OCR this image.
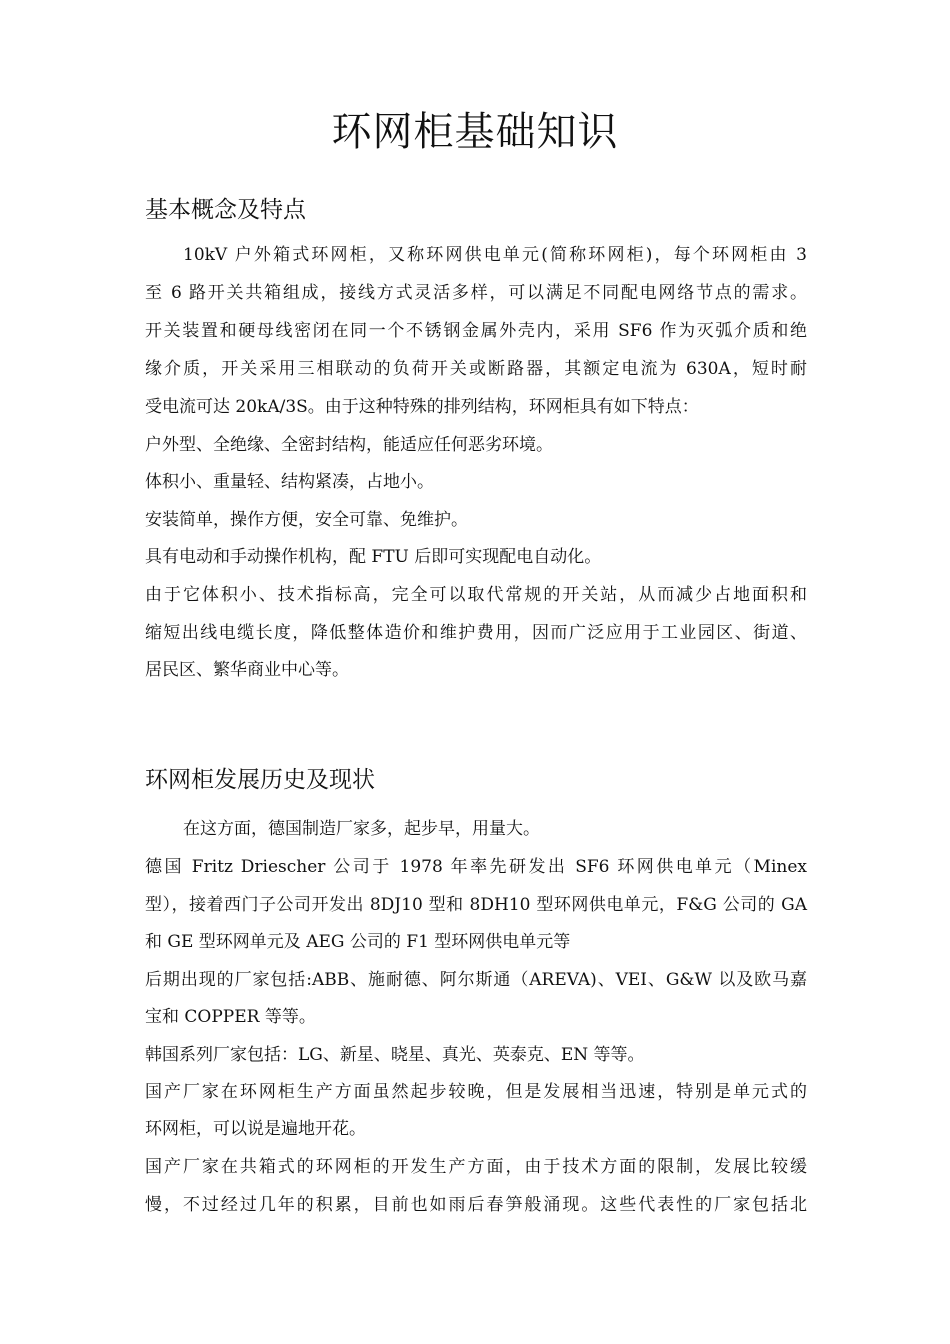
环网柜基础知识
基本概念及特点

10kV 户外箱式环网柜，又称环网供电单元(简称环网柜)，每个环网柜由 3

至 6 路开关共箱组成，接线方式灵活多样，可以满足不同配电网络节点的需求。

开关装置和硬母线密闭在同一个不锈钢金属外壳内，采用 SF6 作为灭弧介质和绝

缘介质，开关采用三相联动的负荷开关或断路器，其额定电流为 630A，短时耐

受电流可达 20kA/3S。由于这种特殊的排列结构，环网柜具有如下特点：

户外型、全绝缘、全密封结构，能适应任何恶劣环境。

体积小、重量轻、结构紧凑，占地小。

安装简单，操作方便，安全可靠、免维护。

具有电动和手动操作机构，配 FTU 后即可实现配电自动化。

由于它体积小、技术指标高，完全可以取代常规的开关站，从而减少占地面积和

缩短出线电缆长度，降低整体造价和维护费用，因而广泛应用于工业园区、街道、

居民区、繁华商业中心等。

环网柜发展历史及现状

在这方面，德国制造厂家多，起步早，用量大。

德国 Fritz Driescher 公司于 1978 年率先研发出 SF6 环网供电单元（Minex

型），接着西门子公司开发出 8DJ10 型和 8DH10 型环网供电单元，F&G 公司的 GA

和 GE 型环网单元及 AEG 公司的 F1 型环网供电单元等

后期出现的厂家包括:ABB、施耐德、阿尔斯通（AREVA)、VEI、G&W 以及欧马嘉

宝和 COPPER 等等。

韩国系列厂家包括：LG、新星、晓星、真光、英泰克、EN 等等。

国产厂家在环网柜生产方面虽然起步较晚，但是发展相当迅速，特别是单元式的

环网柜，可以说是遍地开花。

国产厂家在共箱式的环网柜的开发生产方面，由于技术方面的限制，发展比较缓

慢，不过经过几年的积累，目前也如雨后春笋般涌现。这些代表性的厂家包括北
